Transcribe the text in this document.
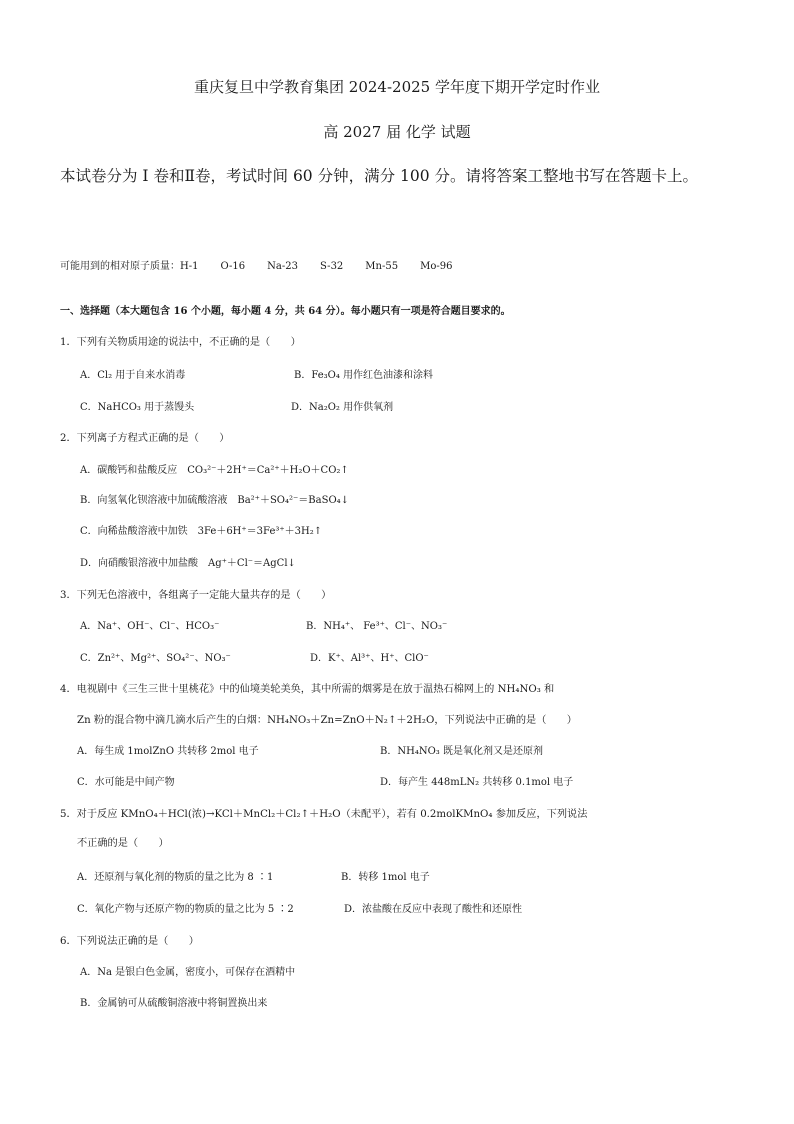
重庆复旦中学教育集团 2024-2025 学年度下期开学定时作业
高 2027 届 化学 试题
本试卷分为 I 卷和Ⅱ卷，考试时间 60 分钟，满分 100 分。请将答案工整地书写在答题卡上。
可能用到的相对原子质量：H-1 O-16 Na-23 S-32 Mn-55 Mo-96
一、选择题（本大题包含 16 个小题，每小题 4 分，共 64 分）。每小题只有一项是符合题目要求的。
1．下列有关物质用途的说法中，不正确的是（　　）
A．Cl₂ 用于自来水消毒	B．Fe₃O₄ 用作红色油漆和涂料
C．NaHCO₃ 用于蒸馒头	D．Na₂O₂ 用作供氧剂
2．下列离子方程式正确的是（　　）
A．碳酸钙和盐酸反应　CO₃²⁻＋2H⁺＝Ca²⁺＋H₂O＋CO₂↑
B．向氢氧化钡溶液中加硫酸溶液　Ba²⁺＋SO₄²⁻＝BaSO₄↓
C．向稀盐酸溶液中加铁　3Fe＋6H⁺＝3Fe³⁺＋3H₂↑
D．向硝酸银溶液中加盐酸　Ag⁺＋Cl⁻＝AgCl↓
3．下列无色溶液中，各组离子一定能大量共存的是（　　）
A．Na⁺、OH⁻、Cl⁻、HCO₃⁻	B．NH₄⁺、 Fe³⁺、Cl⁻、NO₃⁻
C．Zn²⁺、Mg²⁺、SO₄²⁻、NO₃⁻	D．K⁺、Al³⁺、H⁺、ClO⁻
4．电视剧中《三生三世十里桃花》中的仙境美轮美奂，其中所需的烟雾是在放于温热石棉网上的 NH₄NO₃ 和
Zn 粉的混合物中滴几滴水后产生的白烟：NH₄NO₃＋Zn=ZnO＋N₂↑＋2H₂O，下列说法中正确的是（　　）
A．每生成 1molZnO 共转移 2mol 电子	B．NH₄NO₃ 既是氧化剂又是还原剂
C．水可能是中间产物	D．每产生 448mLN₂ 共转移 0.1mol 电子
5．对于反应 KMnO₄＋HCl(浓)→KCl＋MnCl₂＋Cl₂↑＋H₂O（未配平），若有 0.2molKMnO₄ 参加反应，下列说法
不正确的是（　　）
A．还原剂与氧化剂的物质的量之比为 8 ∶1	B．转移 1mol 电子
C．氧化产物与还原产物的物质的量之比为 5 ∶2	D．浓盐酸在反应中表现了酸性和还原性
6．下列说法正确的是（　　）
A．Na 是银白色金属，密度小，可保存在酒精中
B．金属钠可从硫酸铜溶液中将铜置换出来
